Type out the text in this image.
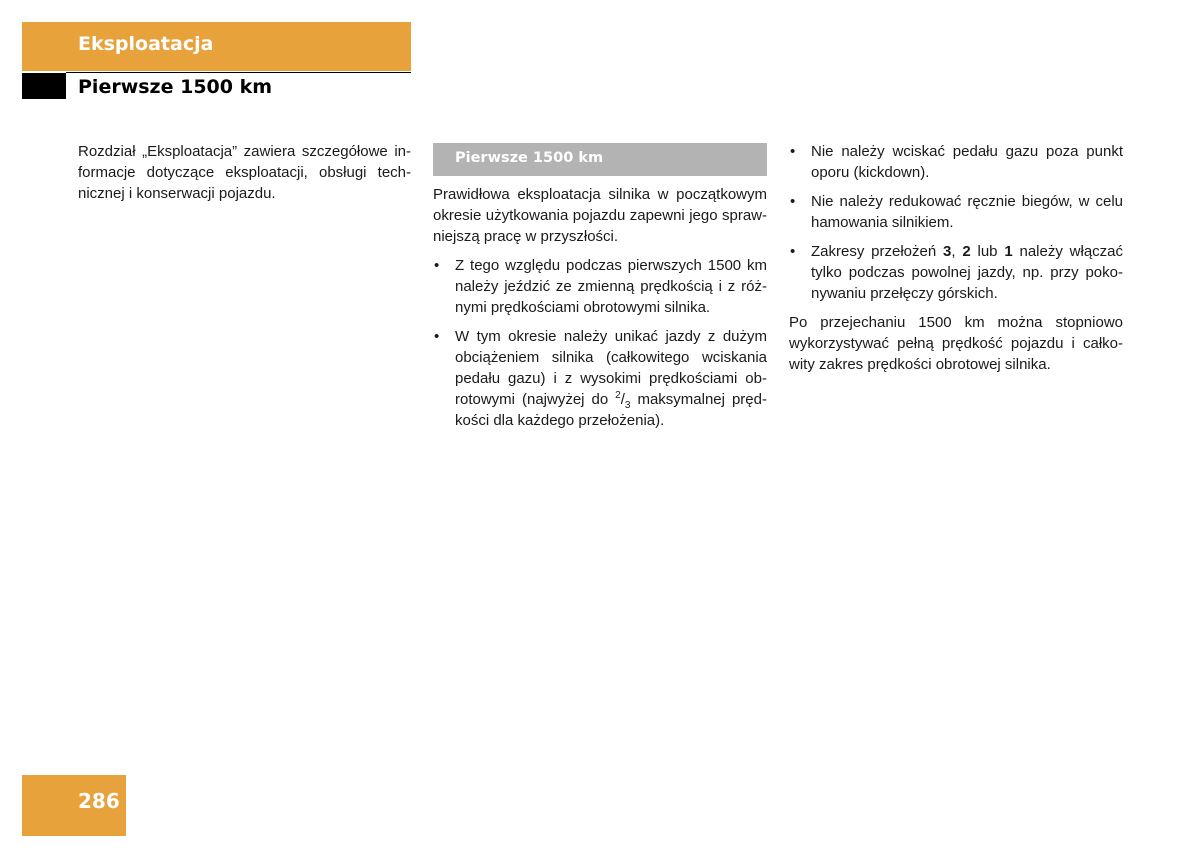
Eksploatacja
Pierwsze 1500 km
Rozdział „Eksploatacja” zawiera szczegółowe in-
formacje dotyczące eksploatacji, obsługi tech-
nicznej i konserwacji pojazdu.
Pierwsze 1500 km

Prawidłowa eksploatacja silnika w początkowym
okresie użytkowania pojazdu zapewni jego spraw-
niejszą pracę w przyszłości.

• Z tego względu podczas pierwszych 1500 km
należy jeździć ze zmienną prędkością i z róż-
nymi prędkościami obrotowymi silnika.
• W tym okresie należy unikać jazdy z dużym
obciążeniem silnika (całkowitego wciskania
pedału gazu) i z wysokimi prędkościami ob-
rotowymi (najwyżej do $^2/_3$ maksymalnej pręd-
kości dla każdego przełożenia).
• Nie należy wciskać pedału gazu poza punkt
oporu (kickdown).
• Nie należy redukować ręcznie biegów, w celu
hamowania silnikiem.
• Zakresy przełożeń 3, 2 lub 1 należy włączać
tylko podczas powolnej jazdy, np. przy poko-
nywaniu przełęczy górskich.

Po przejechaniu 1500 km można stopniowo
wykorzystywać pełną prędkość pojazdu i całko-
wity zakres prędkości obrotowej silnika.

286
